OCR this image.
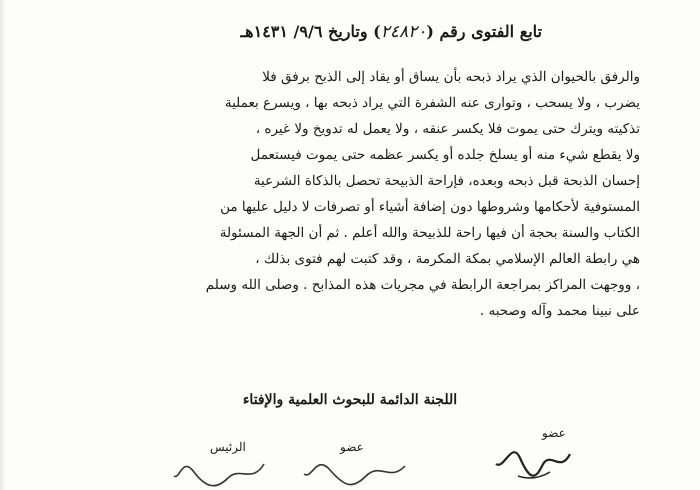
تابع الفتوى رقم (٢٤٨٢٠) وتاريخ ٩/٦/ ١٤٣١هـ
والرفق بالحيوان الذي يراد ذبحه بأن يساق أو يقاد إلى الذبح برفق فلا
يضرب ، ولا يسحب ، وتوارى عنه الشفرة التي يراد ذبحه بها ، ويسرع بعملية
تذكيته ويترك حتى يموت فلا يكسر عنقه ، ولا يعمل له تدويخ ولا غيره ،
ولا يقطع شيء منه أو يسلخ جلده أو يكسر عظمه حتى يموت فيستعمل
إحسان الذبحة قبل ذبحه وبعده، فإراحة الذبيحة تحصل بالذكاة الشرعية
المستوفية لأحكامها وشروطها دون إضافة أشياء أو تصرفات لا دليل عليها من
الكتاب والسنة بحجة أن فيها راحة للذبيحة والله أعلم . ثم أن الجهة المسئولة
هي رابطة العالم الإسلامي بمكة المكرمة ، وقد كتبت لهم فتوى بذلك ،
، ووجهت المراكز بمراجعة الرابطة في مجريات هذه المذابح . وصلى الله وسلم
على نبينا محمد وآله وصحبه .
اللجنة الدائمة للبحوث العلمية والإفتاء
عضو
عضو
الرئيس
